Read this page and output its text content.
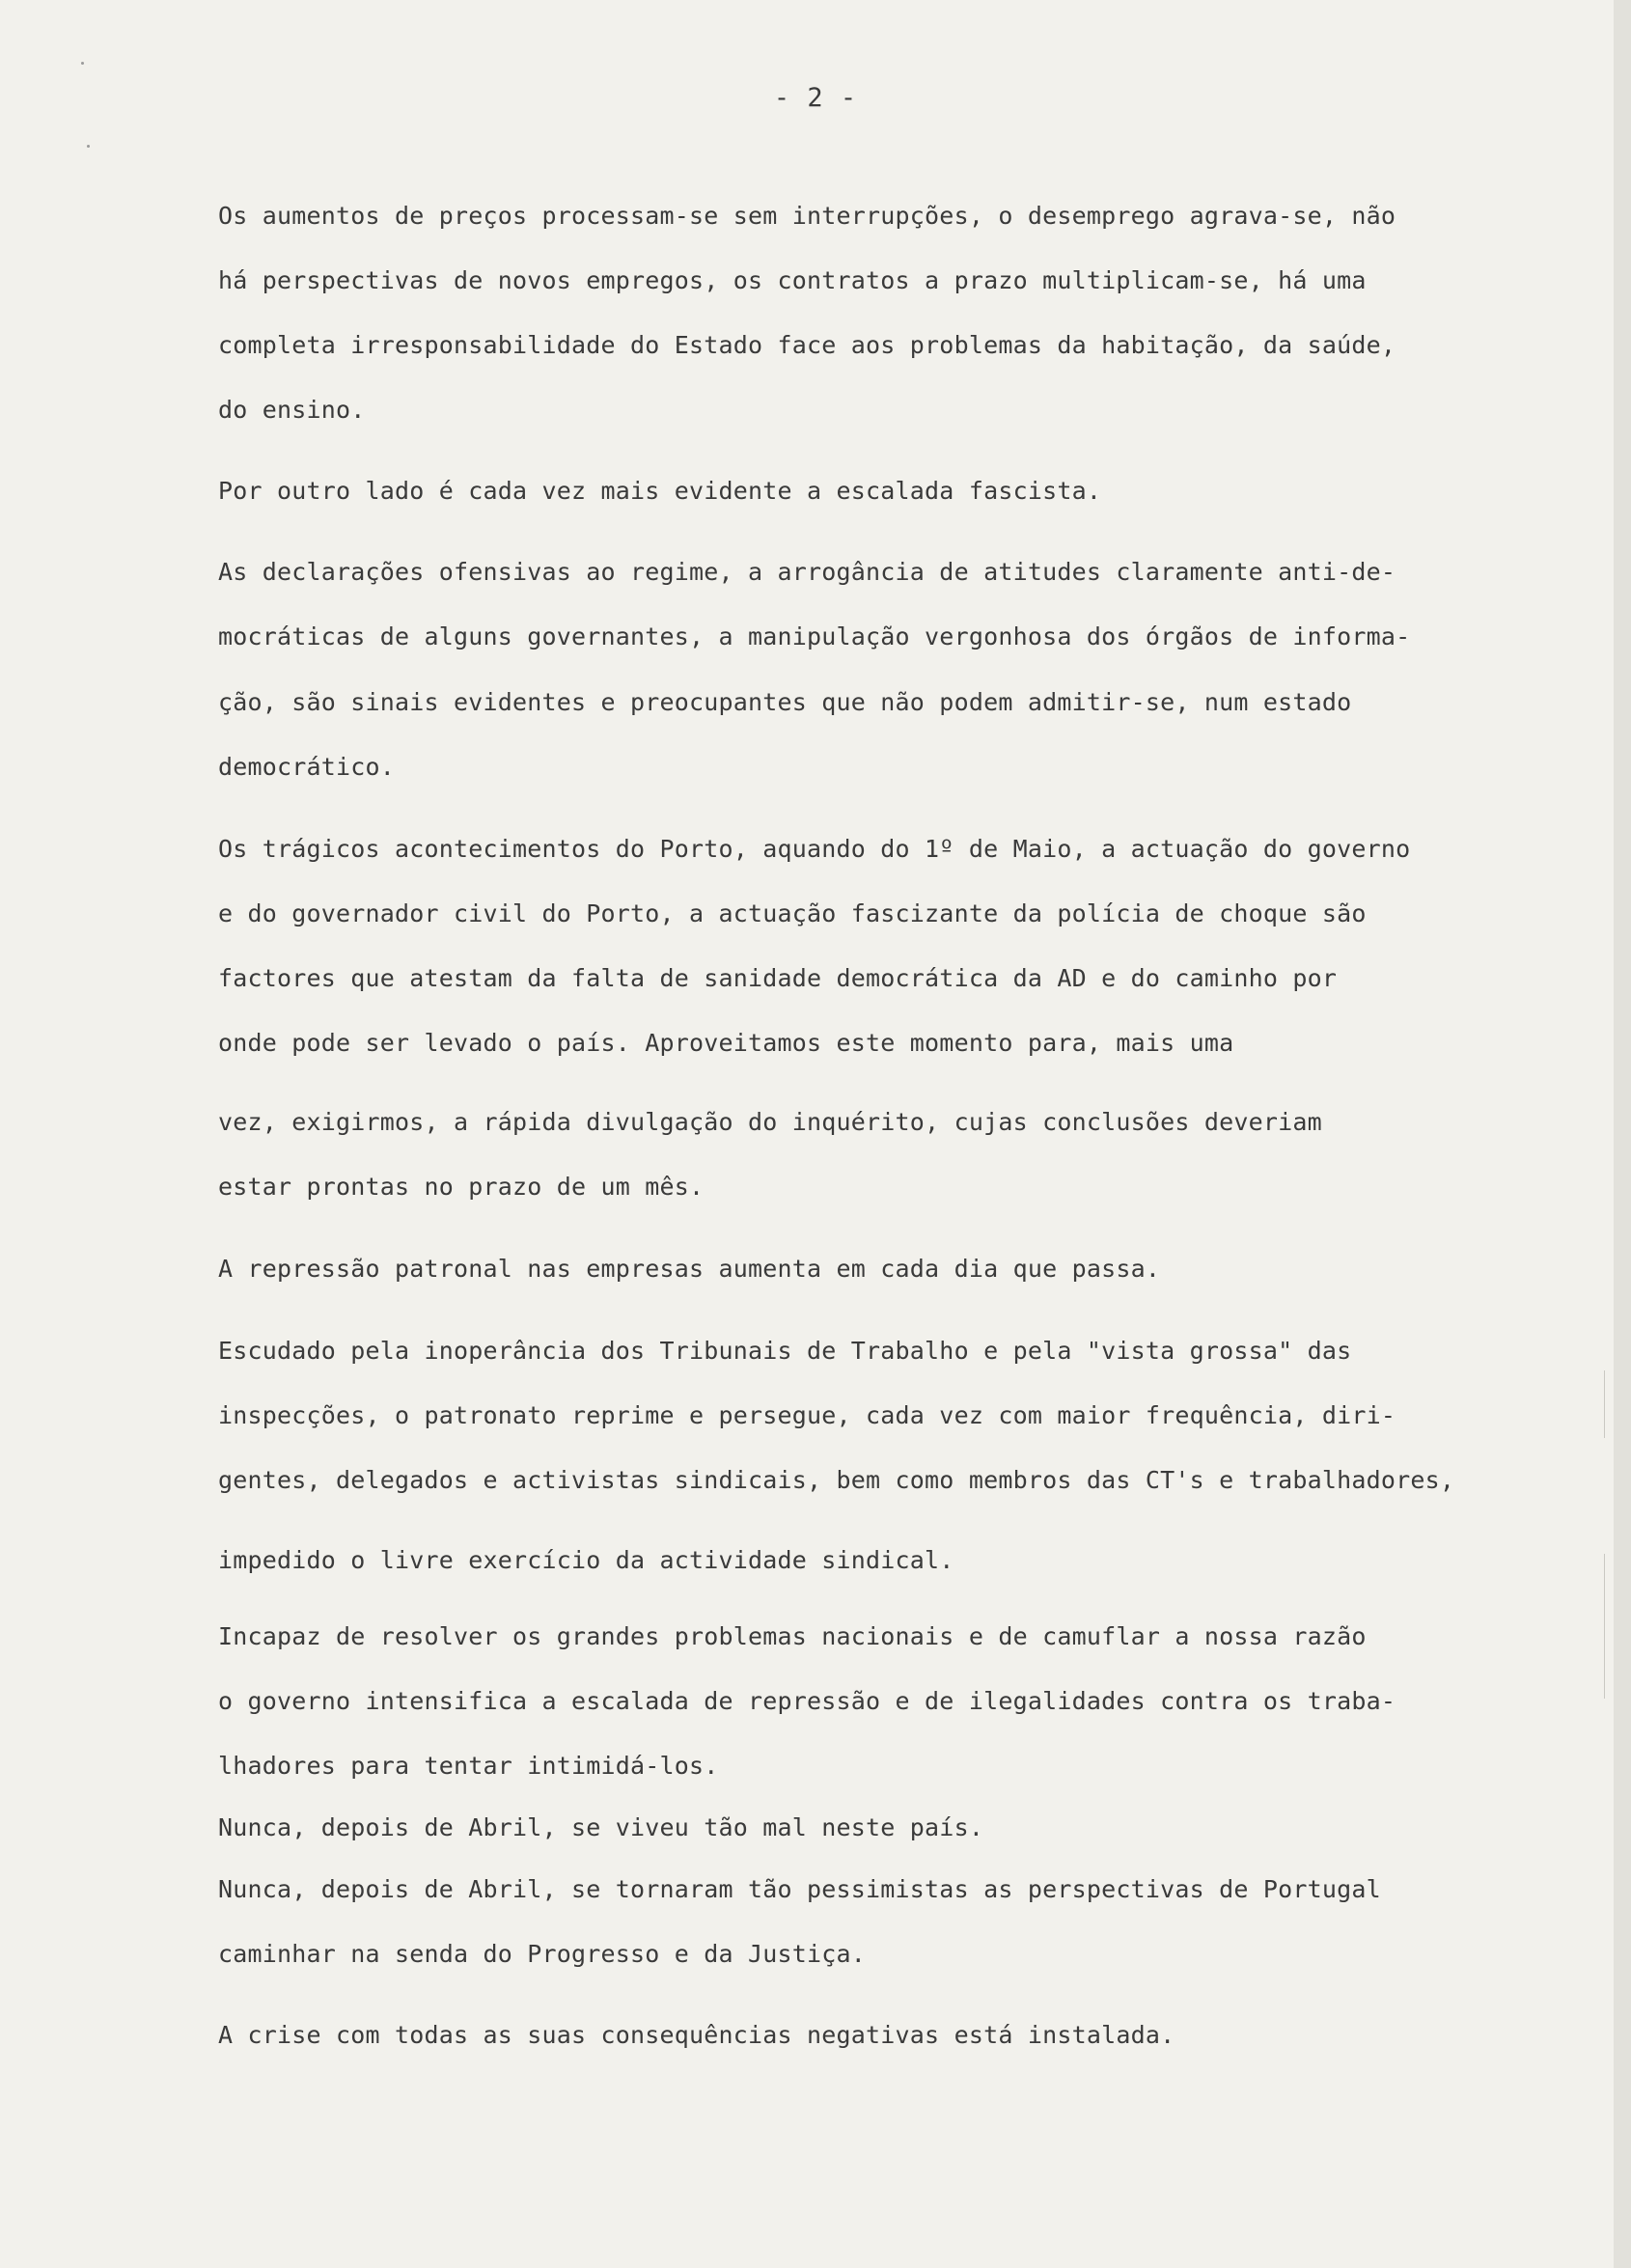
- 2 -

Os aumentos de preços processam-se sem interrupções, o desemprego agrava-se, não

há perspectivas de novos empregos, os contratos a prazo multiplicam-se, há uma

completa irresponsabilidade do Estado face aos problemas da habitação, da saúde,

do ensino.

Por outro lado é cada vez mais evidente a escalada fascista.

As declarações ofensivas ao regime, a arrogância de atitudes claramente anti-de-

mocráticas de alguns governantes, a manipulação vergonhosa dos órgãos de informa-

ção, são sinais evidentes e preocupantes que não podem admitir-se, num estado

democrático.

Os trágicos acontecimentos do Porto, aquando do 1º de Maio, a actuação do governo

e do governador civil do Porto, a actuação fascizante da polícia de choque são

factores que atestam da falta de sanidade democrática da AD e do caminho por

onde pode ser levado o país. Aproveitamos este momento para, mais uma

vez, exigirmos, a rápida divulgação do inquérito, cujas conclusões deveriam

estar prontas no prazo de um mês.

A repressão patronal nas empresas aumenta em cada dia que passa.

Escudado pela inoperância dos Tribunais de Trabalho e pela "vista grossa" das

inspecções, o patronato reprime e persegue, cada vez com maior frequência, diri-

gentes, delegados e activistas sindicais, bem como membros das CT's e trabalhadores,

impedido o livre exercício da actividade sindical.

Incapaz de resolver os grandes problemas nacionais e de camuflar a nossa razão

o governo intensifica a escalada de repressão e de ilegalidades contra os traba-

lhadores para tentar intimidá-los.

Nunca, depois de Abril, se viveu tão mal neste país.

Nunca, depois de Abril, se tornaram tão pessimistas as perspectivas de Portugal

caminhar na senda do Progresso e da Justiça.

A crise com todas as suas consequências negativas está instalada.
